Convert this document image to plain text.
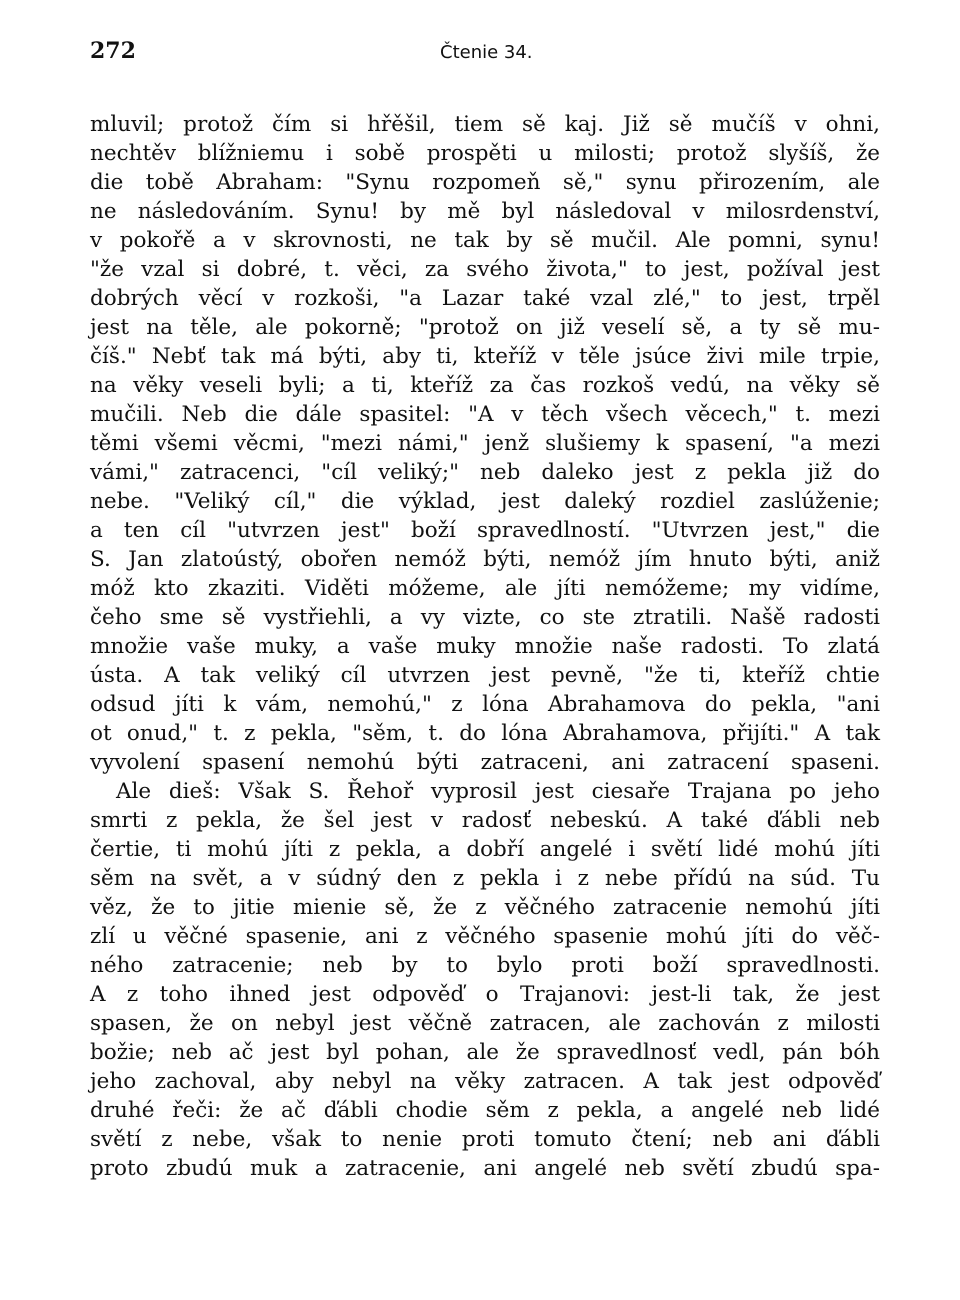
272	Čtenie 34.
mluvil; protož čím si hřěšil, tiem sě kaj. Již sě mučíš v ohni,
nechtěv blížniemu i sobě prospěti u milosti; protož slyšíš, že
die tobě Abraham: "Synu rozpomeň sě," synu přirozením, ale
ne následováním. Synu! by mě byl následoval v milosrdenství,
v pokořě a v skrovnosti, ne tak by sě mučil. Ale pomni, synu!
"že vzal si dobré, t. věci, za svého života," to jest, požíval jest
dobrých věcí v rozkoši, "a Lazar také vzal zlé," to jest, trpěl
jest na těle, ale pokorně; "protož on již veselí sě, a ty sě mu-
číš." Nebť tak má býti, aby ti, kteříž v těle jsúce živi mile trpie,
na věky veseli byli; a ti, kteříž za čas rozkoš vedú, na věky sě
mučili. Neb die dále spasitel: "A v těch všech věcech," t. mezi
těmi všemi věcmi, "mezi námi," jenž slušiemy k spasení, "a mezi
vámi," zatracenci, "cíl veliký;" neb daleko jest z pekla již do
nebe. "Veliký cíl," die výklad, jest daleký rozdiel zaslúženie;
a ten cíl "utvrzen jest" boží spravedlností. "Utvrzen jest," die
S. Jan zlatoústý, obořen nemóž býti, nemóž jím hnuto býti, aniž
móž kto zkaziti. Viděti móžeme, ale jíti nemóžeme; my vidíme,
čeho sme sě vystřiehli, a vy vizte, co ste ztratili. Našě radosti
množie vaše muky, a vaše muky množie naše radosti. To zlatá
ústa. A tak veliký cíl utvrzen jest pevně, "že ti, kteříž chtie
odsud jíti k vám, nemohú," z lóna Abrahamova do pekla, "ani
ot onud," t. z pekla, "sěm, t. do lóna Abrahamova, přijíti." A tak
vyvolení spasení nemohú býti zatraceni, ani zatracení spaseni.
Ale dieš: Však S. Řehoř vyprosil jest ciesaře Trajana po jeho
smrti z pekla, že šel jest v radosť nebeskú. A také ďábli neb
čertie, ti mohú jíti z pekla, a dobří angelé i světí lidé mohú jíti
sěm na svět, a v súdný den z pekla i z nebe přídú na súd. Tu
věz, že to jitie mienie sě, že z věčného zatracenie nemohú jíti
zlí u věčné spasenie, ani z věčného spasenie mohú jíti do věč-
ného zatracenie; neb by to bylo proti boží spravedlnosti.
A z toho ihned jest odpověď o Trajanovi: jest-li tak, že jest
spasen, že on nebyl jest věčně zatracen, ale zachován z milosti
božie; neb ač jest byl pohan, ale že spravedlnosť vedl, pán bóh
jeho zachoval, aby nebyl na věky zatracen. A tak jest odpověď
druhé řeči: že ač ďábli chodie sěm z pekla, a angelé neb lidé
světí z nebe, však to nenie proti tomuto čtení; neb ani ďábli
proto zbudú muk a zatracenie, ani angelé neb světí zbudú spa-
